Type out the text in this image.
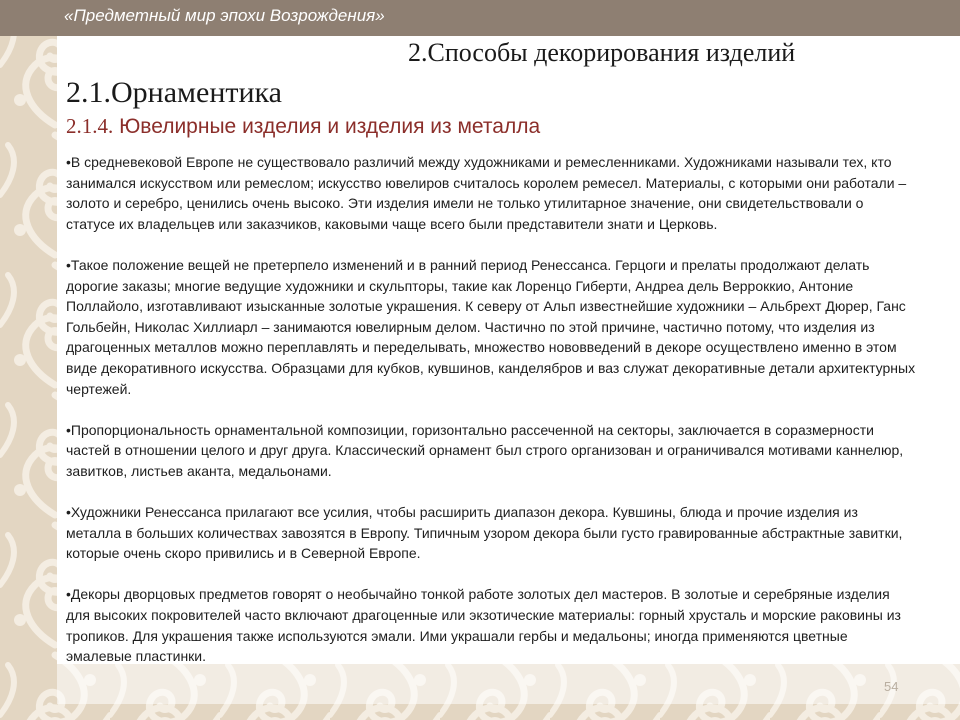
«Предметный мир эпохи Возрождения»
2.Способы декорирования изделий
2.1.Орнаментика
2.1.4. Ювелирные изделия и изделия из металла

•В средневековой Европе не существовало различий между художниками и ремесленниками. Художниками называли тех, кто занимался искусством или ремеслом; искусство ювелиров считалось королем ремесел. Материалы, с которыми они работали – золото и серебро, ценились очень высоко. Эти изделия имели не только утилитарное значение, они свидетельствовали о статусе их владельцев или заказчиков, каковыми чаще всего были представители знати и Церковь.

•Такое положение вещей не претерпело изменений и в ранний период Ренессанса. Герцоги и прелаты продолжают делать дорогие заказы; многие ведущие художники и скульпторы, такие как Лоренцо Гиберти, Андреа дель Верроккио, Антоние Поллайоло, изготавливают изысканные золотые украшения. К северу от Альп известнейшие художники – Альбрехт Дюрер, Ганс Гольбейн, Николас Хиллиарл – занимаются ювелирным делом. Частично по этой причине, частично потому, что изделия из драгоценных металлов можно переплавлять и переделывать, множество нововведений в декоре осуществлено именно в этом виде декоративного искусства. Образцами для кубков, кувшинов, канделябров и ваз служат декоративные детали архитектурных чертежей.

•Пропорциональность орнаментальной композиции, горизонтально рассеченной на секторы, заключается в соразмерности частей в отношении целого и друг друга. Классический орнамент был строго организован и ограничивался мотивами каннелюр, завитков, листьев аканта, медальонами.

•Художники Ренессанса прилагают все усилия, чтобы расширить диапазон декора. Кувшины, блюда и прочие изделия из металла в больших количествах завозятся в Европу. Типичным узором декора были густо гравированные абстрактные завитки, которые очень скоро привились и в Северной Европе.

•Декоры дворцовых предметов говорят о необычайно тонкой работе золотых дел мастеров. В золотые и серебряные изделия для высоких покровителей часто включают драгоценные или экзотические материалы: горный хрусталь и морские раковины из тропиков. Для украшения также используются эмали. Ими украшали гербы и медальоны; иногда применяются цветные эмалевые пластинки.

54
